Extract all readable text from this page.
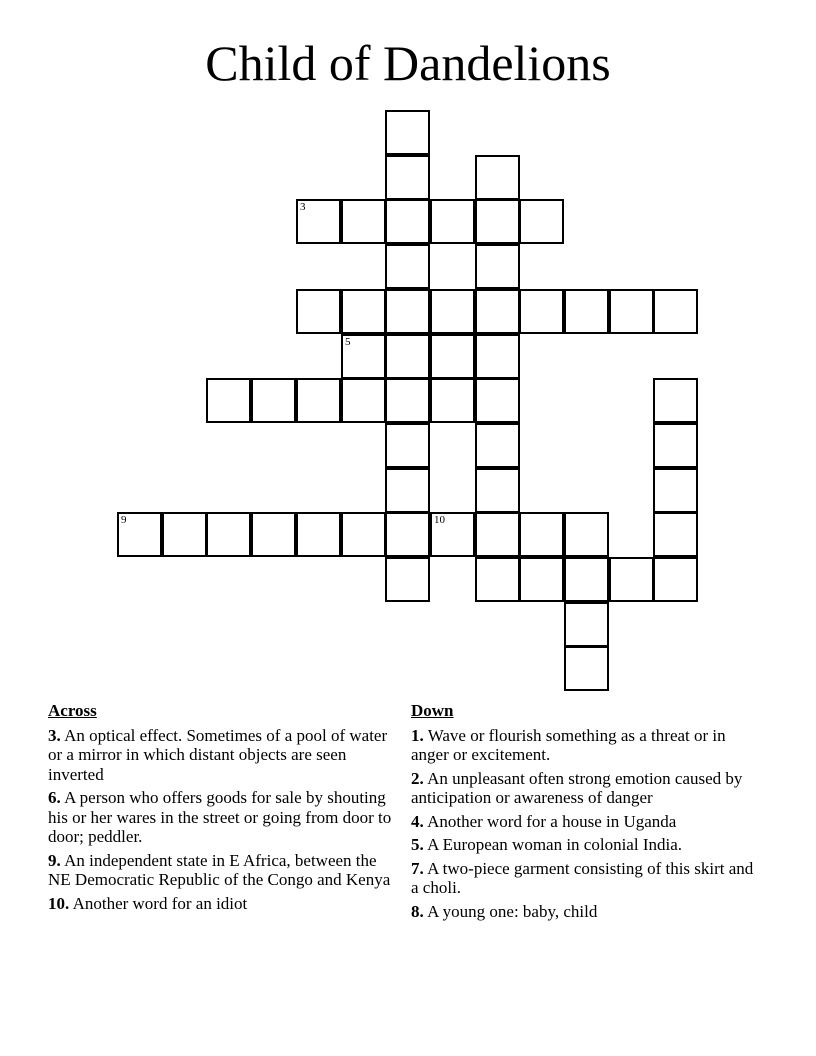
Child of Dandelions
3
5
9	10
Across
3. An optical effect. Sometimes of a pool of water or a mirror in which distant objects are seen inverted
6. A person who offers goods for sale by shouting his or her wares in the street or going from door to door; peddler.
9. An independent state in E Africa, between the NE Democratic Republic of the Congo and Kenya
10. Another word for an idiot
Down
1. Wave or flourish something as a threat or in anger or excitement.
2. An unpleasant often strong emotion caused by anticipation or awareness of danger
4. Another word for a house in Uganda
5. A European woman in colonial India.
7. A two-piece garment consisting of this skirt and a choli.
8. A young one: baby, child
